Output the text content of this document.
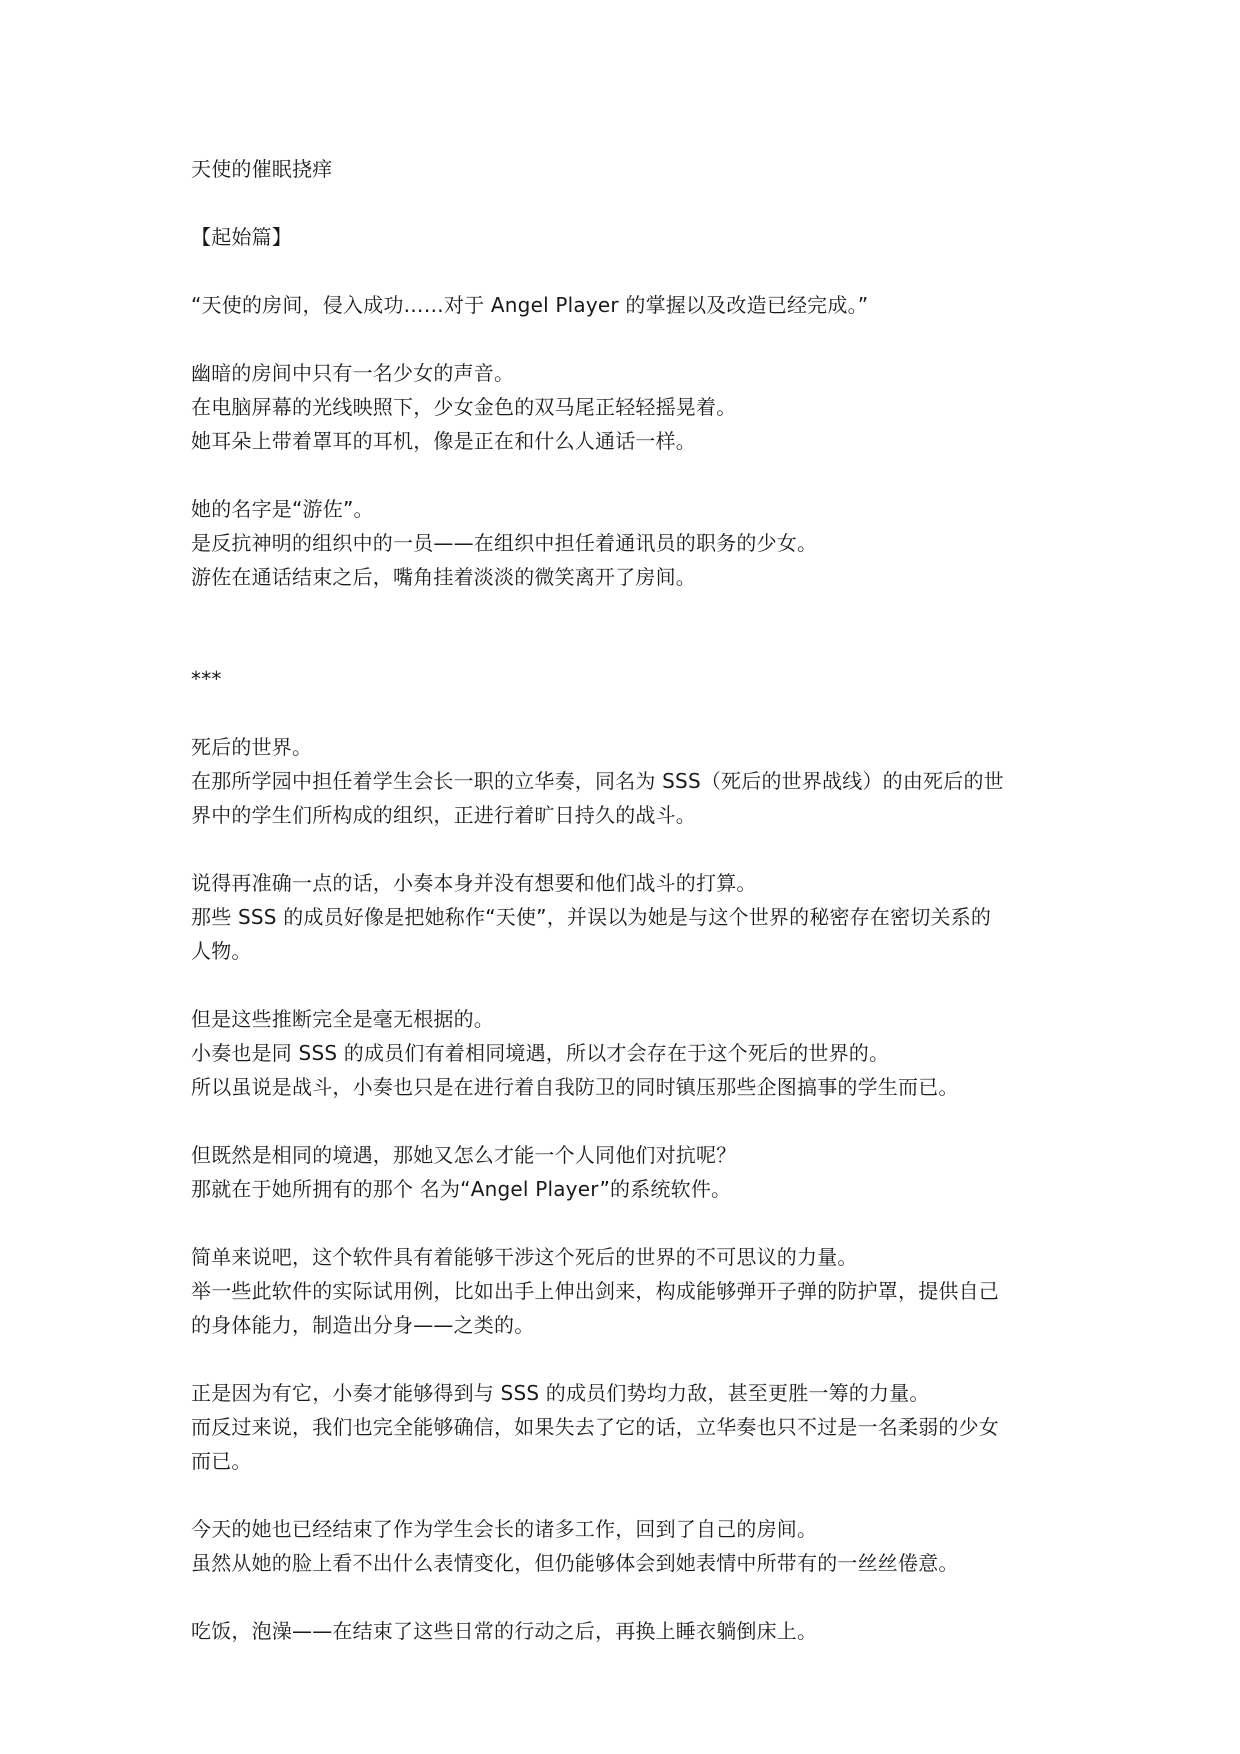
天使的催眠挠痒
【起始篇】
“天使的房间，侵入成功……对于 Angel Player 的掌握以及改造已经完成。”
幽暗的房间中只有一名少女的声音。
在电脑屏幕的光线映照下，少女金色的双马尾正轻轻摇晃着。
她耳朵上带着罩耳的耳机，像是正在和什么人通话一样。
她的名字是“游佐”。
是反抗神明的组织中的一员——在组织中担任着通讯员的职务的少女。
游佐在通话结束之后，嘴角挂着淡淡的微笑离开了房间。
***
死后的世界。
在那所学园中担任着学生会长一职的立华奏，同名为 SSS（死后的世界战线）的由死后的世
界中的学生们所构成的组织，正进行着旷日持久的战斗。
说得再准确一点的话，小奏本身并没有想要和他们战斗的打算。
那些 SSS 的成员好像是把她称作“天使”，并误以为她是与这个世界的秘密存在密切关系的
人物。
但是这些推断完全是毫无根据的。
小奏也是同 SSS 的成员们有着相同境遇，所以才会存在于这个死后的世界的。
所以虽说是战斗，小奏也只是在进行着自我防卫的同时镇压那些企图搞事的学生而已。
但既然是相同的境遇，那她又怎么才能一个人同他们对抗呢？
那就在于她所拥有的那个 名为“Angel Player”的系统软件。
简单来说吧，这个软件具有着能够干涉这个死后的世界的不可思议的力量。
举一些此软件的实际试用例，比如出手上伸出剑来，构成能够弹开子弹的防护罩，提供自己
的身体能力，制造出分身——之类的。
正是因为有它，小奏才能够得到与 SSS 的成员们势均力敌，甚至更胜一筹的力量。
而反过来说，我们也完全能够确信，如果失去了它的话，立华奏也只不过是一名柔弱的少女
而已。
今天的她也已经结束了作为学生会长的诸多工作，回到了自己的房间。
虽然从她的脸上看不出什么表情变化，但仍能够体会到她表情中所带有的一丝丝倦意。
吃饭，泡澡——在结束了这些日常的行动之后，再换上睡衣躺倒床上。
